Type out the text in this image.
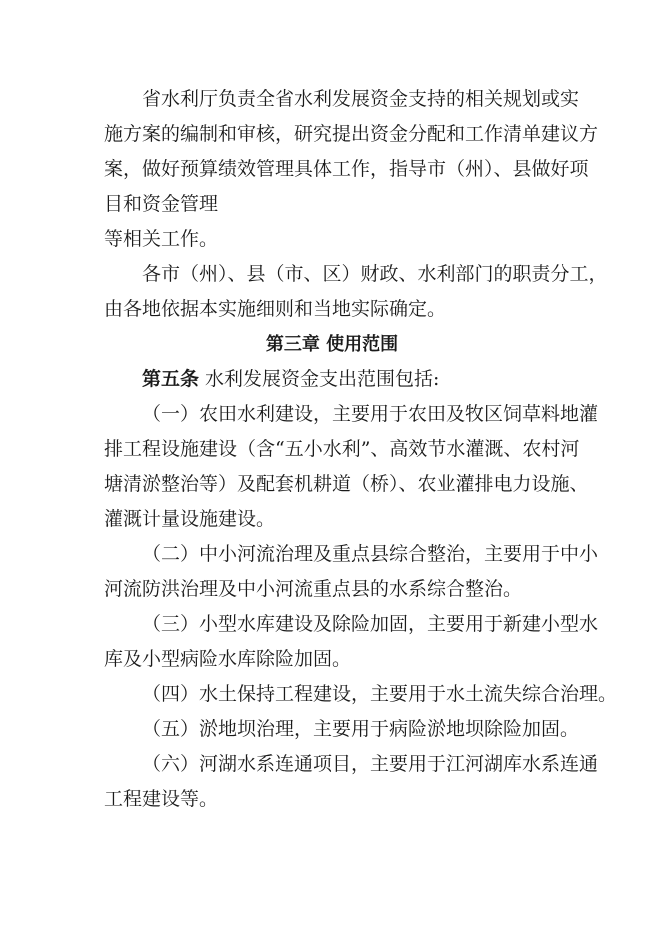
省水利厅负责全省水利发展资金支持的相关规划或实
施方案的编制和审核，研究提出资金分配和工作清单建议方
案，做好预算绩效管理具体工作，指导市（州）、县做好项
目和资金管理
等相关工作。
各市（州）、县（市、区）财政、水利部门的职责分工，
由各地依据本实施细则和当地实际确定。
第三章 使用范围
第五条 水利发展资金支出范围包括:
（一）农田水利建设，主要用于农田及牧区饲草料地灌
排工程设施建设（含“五小水利”、高效节水灌溉、农村河
塘清淤整治等）及配套机耕道（桥）、农业灌排电力设施、
灌溉计量设施建设。
（二）中小河流治理及重点县综合整治，主要用于中小
河流防洪治理及中小河流重点县的水系综合整治。
（三）小型水库建设及除险加固，主要用于新建小型水
库及小型病险水库除险加固。
（四）水土保持工程建设，主要用于水土流失综合治理。
（五）淤地坝治理，主要用于病险淤地坝除险加固。
（六）河湖水系连通项目，主要用于江河湖库水系连通
工程建设等。
